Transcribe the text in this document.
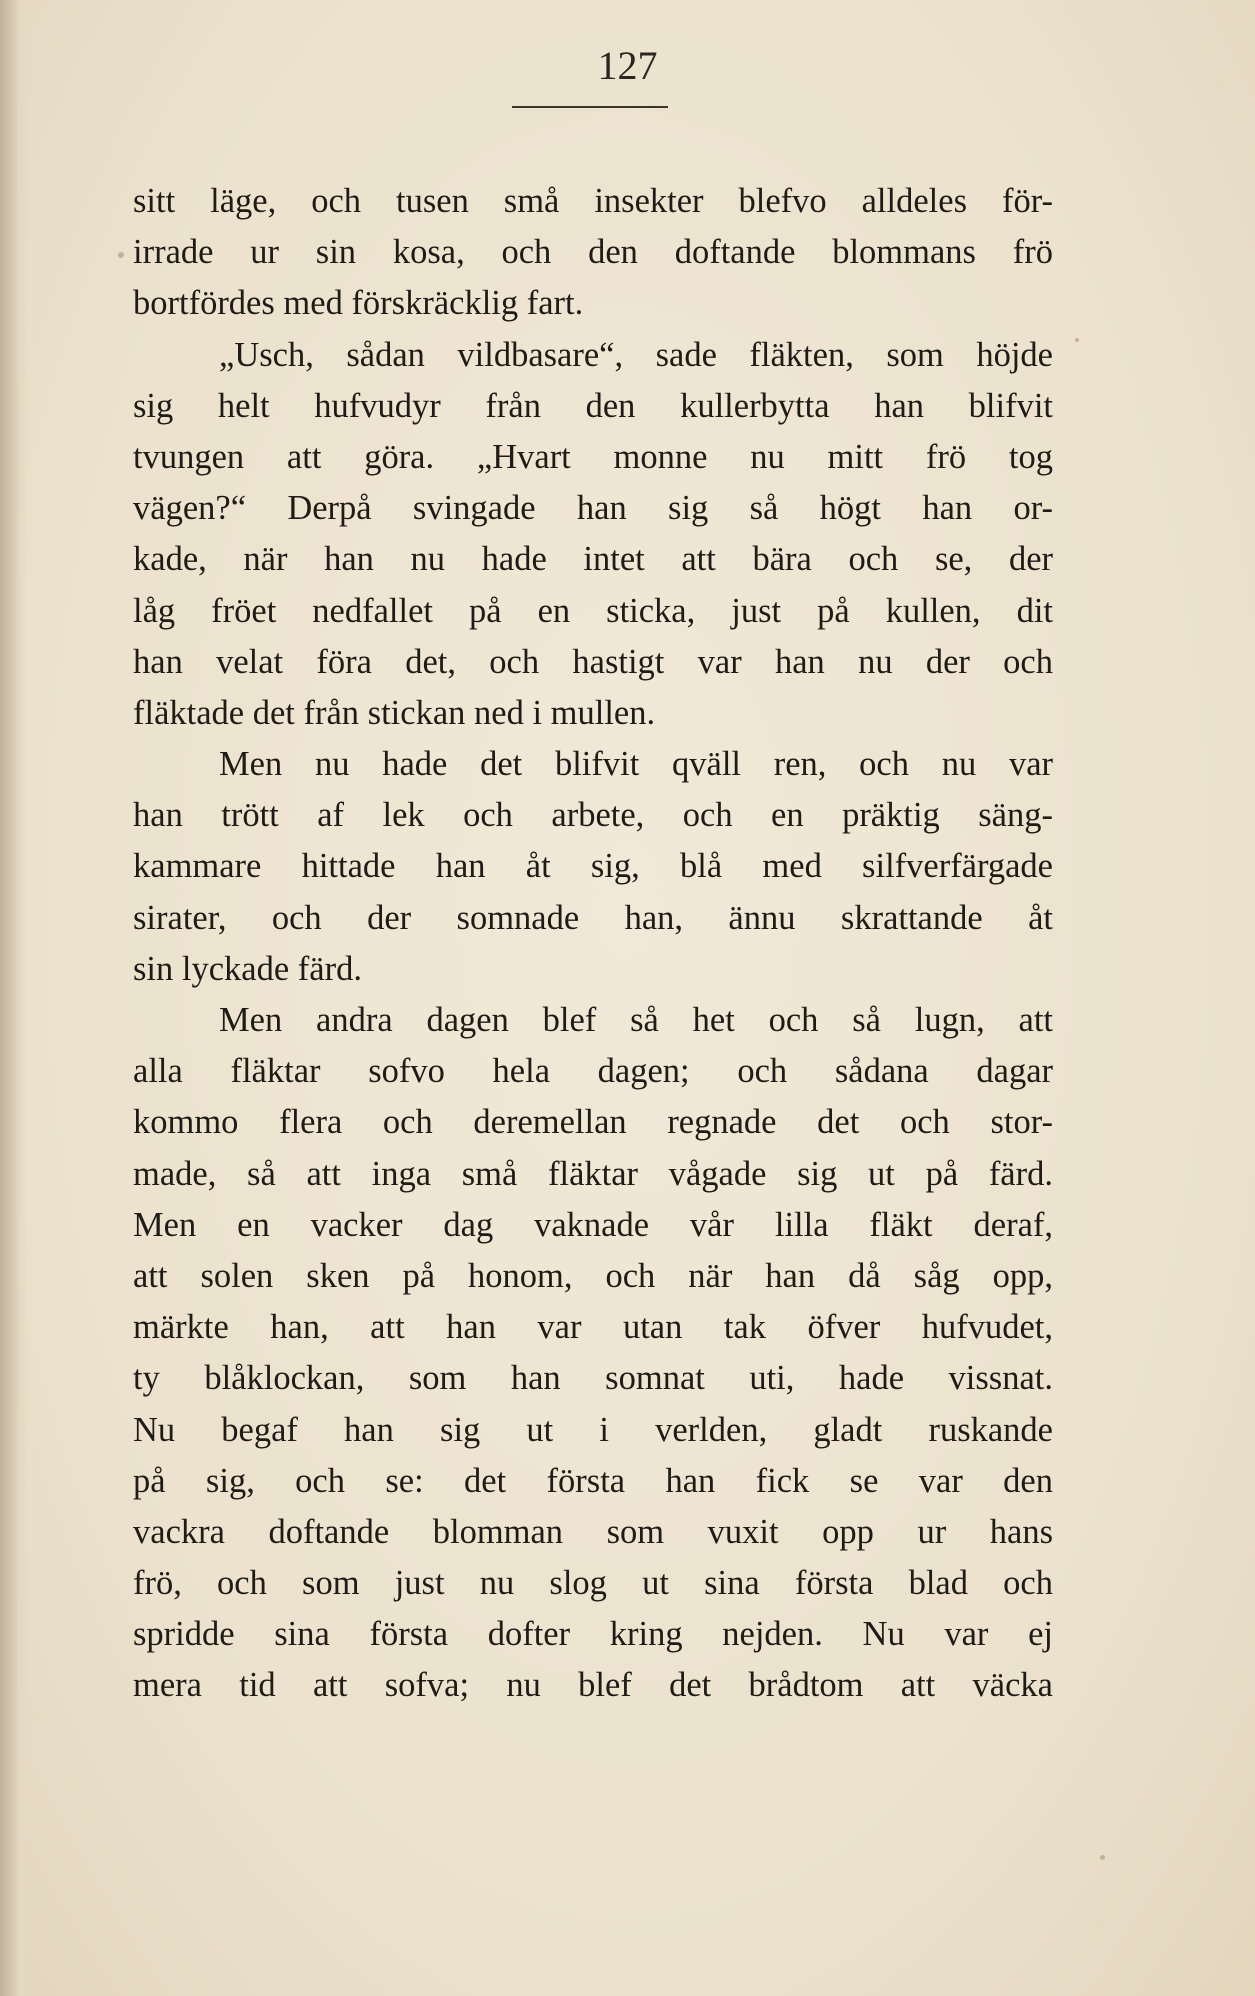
127
sitt läge, och tusen små insekter blefvo alldeles för-
irrade ur sin kosa, och den doftande blommans frö
bortfördes med förskräcklig fart.
„Usch, sådan vildbasare“, sade fläkten, som höjde
sig helt hufvudyr från den kullerbytta han blifvit
tvungen att göra. „Hvart monne nu mitt frö tog
vägen?“ Derpå svingade han sig så högt han or-
kade, när han nu hade intet att bära och se, der
låg fröet nedfallet på en sticka, just på kullen, dit
han velat föra det, och hastigt var han nu der och
fläktade det från stickan ned i mullen.
Men nu hade det blifvit qväll ren, och nu var
han trött af lek och arbete, och en präktig säng-
kammare hittade han åt sig, blå med silfverfärgade
sirater, och der somnade han, ännu skrattande åt
sin lyckade färd.
Men andra dagen blef så het och så lugn, att
alla fläktar sofvo hela dagen; och sådana dagar
kommo flera och deremellan regnade det och stor-
made, så att inga små fläktar vågade sig ut på färd.
Men en vacker dag vaknade vår lilla fläkt deraf,
att solen sken på honom, och när han då såg opp,
märkte han, att han var utan tak öfver hufvudet,
ty blåklockan, som han somnat uti, hade vissnat.
Nu begaf han sig ut i verlden, gladt ruskande
på sig, och se: det första han fick se var den
vackra doftande blomman som vuxit opp ur hans
frö, och som just nu slog ut sina första blad och
spridde sina första dofter kring nejden. Nu var ej
mera tid att sofva; nu blef det brådtom att väcka
